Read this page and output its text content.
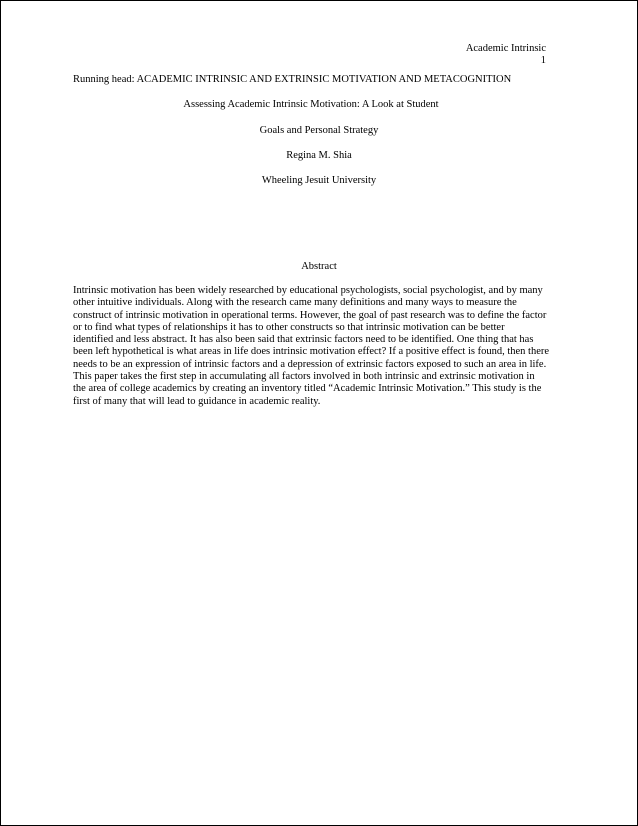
Academic Intrinsic
1
Running head: ACADEMIC INTRINSIC AND EXTRINSIC MOTIVATION AND METACOGNITION
Assessing Academic Intrinsic Motivation: A Look at Student
Goals and Personal Strategy
Regina M. Shia
Wheeling Jesuit University
Abstract
Intrinsic motivation has been widely researched by educational psychologists, social psychologist, and by many
other intuitive individuals. Along with the research came many definitions and many ways to measure the
construct of intrinsic motivation in operational terms. However, the goal of past research was to define the factor
or to find what types of relationships it has to other constructs so that intrinsic motivation can be better
identified and less abstract. It has also been said that extrinsic factors need to be identified. One thing that has
been left hypothetical is what areas in life does intrinsic motivation effect? If a positive effect is found, then there
needs to be an expression of intrinsic factors and a depression of extrinsic factors exposed to such an area in life.
This paper takes the first step in accumulating all factors involved in both intrinsic and extrinsic motivation in
the area of college academics by creating an inventory titled “Academic Intrinsic Motivation.” This study is the
first of many that will lead to guidance in academic reality.
